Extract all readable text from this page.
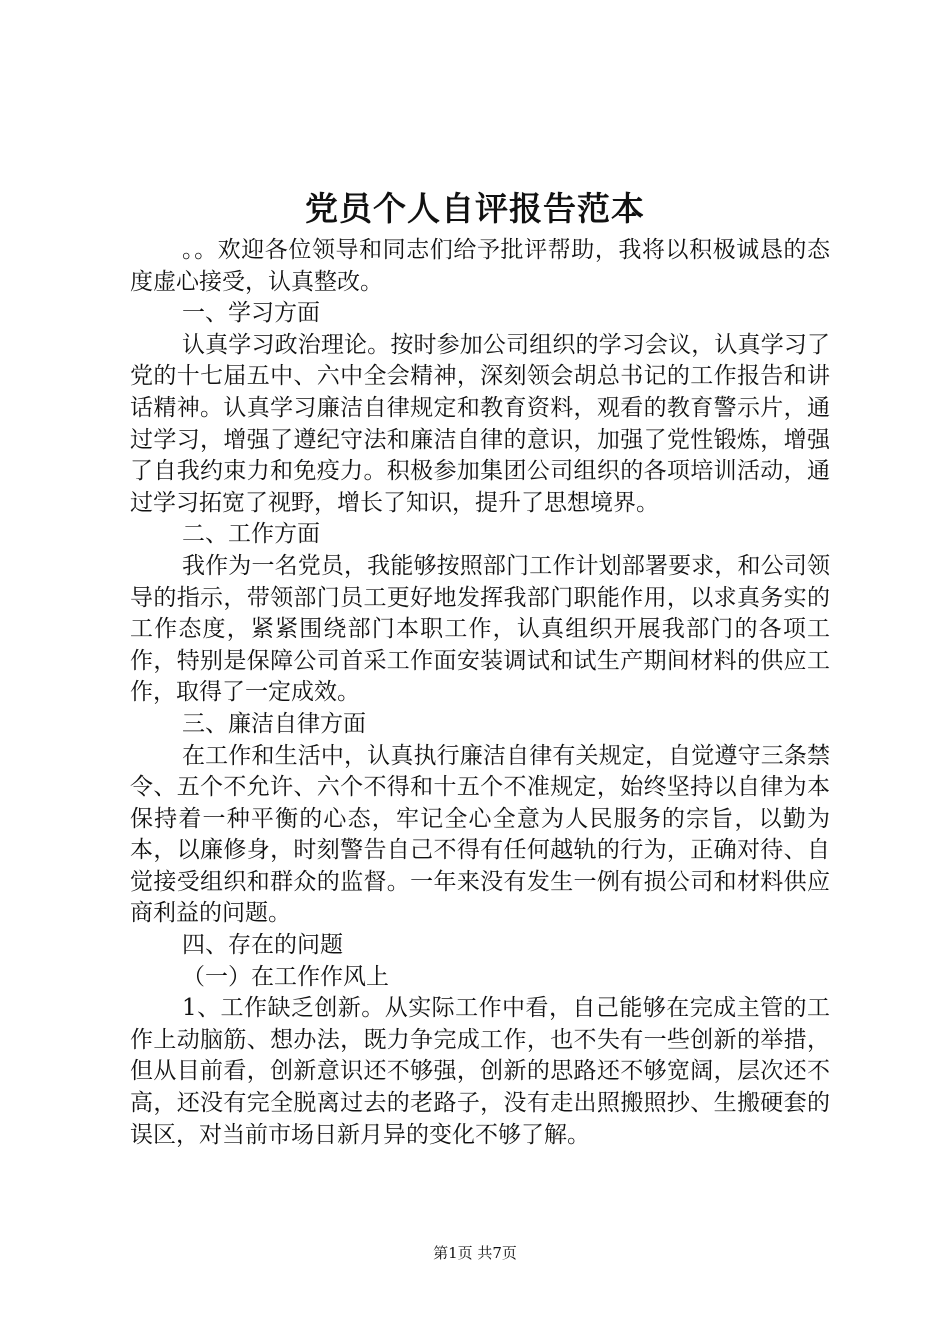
党员个人自评报告范本

。。欢迎各位领导和同志们给予批评帮助，我将以积极诚恳的态度虚心接受，认真整改。

一、学习方面

认真学习政治理论。按时参加公司组织的学习会议，认真学习了党的十七届五中、六中全会精神，深刻领会胡总书记的工作报告和讲话精神。认真学习廉洁自律规定和教育资料，观看的教育警示片，通过学习，增强了遵纪守法和廉洁自律的意识，加强了党性锻炼，增强了自我约束力和免疫力。积极参加集团公司组织的各项培训活动，通过学习拓宽了视野，增长了知识，提升了思想境界。

二、工作方面

我作为一名党员，我能够按照部门工作计划部署要求，和公司领导的指示，带领部门员工更好地发挥我部门职能作用，以求真务实的工作态度，紧紧围绕部门本职工作，认真组织开展我部门的各项工作，特别是保障公司首采工作面安装调试和试生产期间材料的供应工作，取得了一定成效。

三、廉洁自律方面

在工作和生活中，认真执行廉洁自律有关规定，自觉遵守三条禁令、五个不允许、六个不得和十五个不准规定，始终坚持以自律为本保持着一种平衡的心态，牢记全心全意为人民服务的宗旨，以勤为本，以廉修身，时刻警告自己不得有任何越轨的行为，正确对待、自觉接受组织和群众的监督。一年来没有发生一例有损公司和材料供应商利益的问题。

四、存在的问题

（一）在工作作风上

1、工作缺乏创新。从实际工作中看，自己能够在完成主管的工作上动脑筋、想办法，既力争完成工作，也不失有一些创新的举措，但从目前看，创新意识还不够强，创新的思路还不够宽阔，层次还不高，还没有完全脱离过去的老路子，没有走出照搬照抄、生搬硬套的误区，对当前市场日新月异的变化不够了解。

第1页 共7页
